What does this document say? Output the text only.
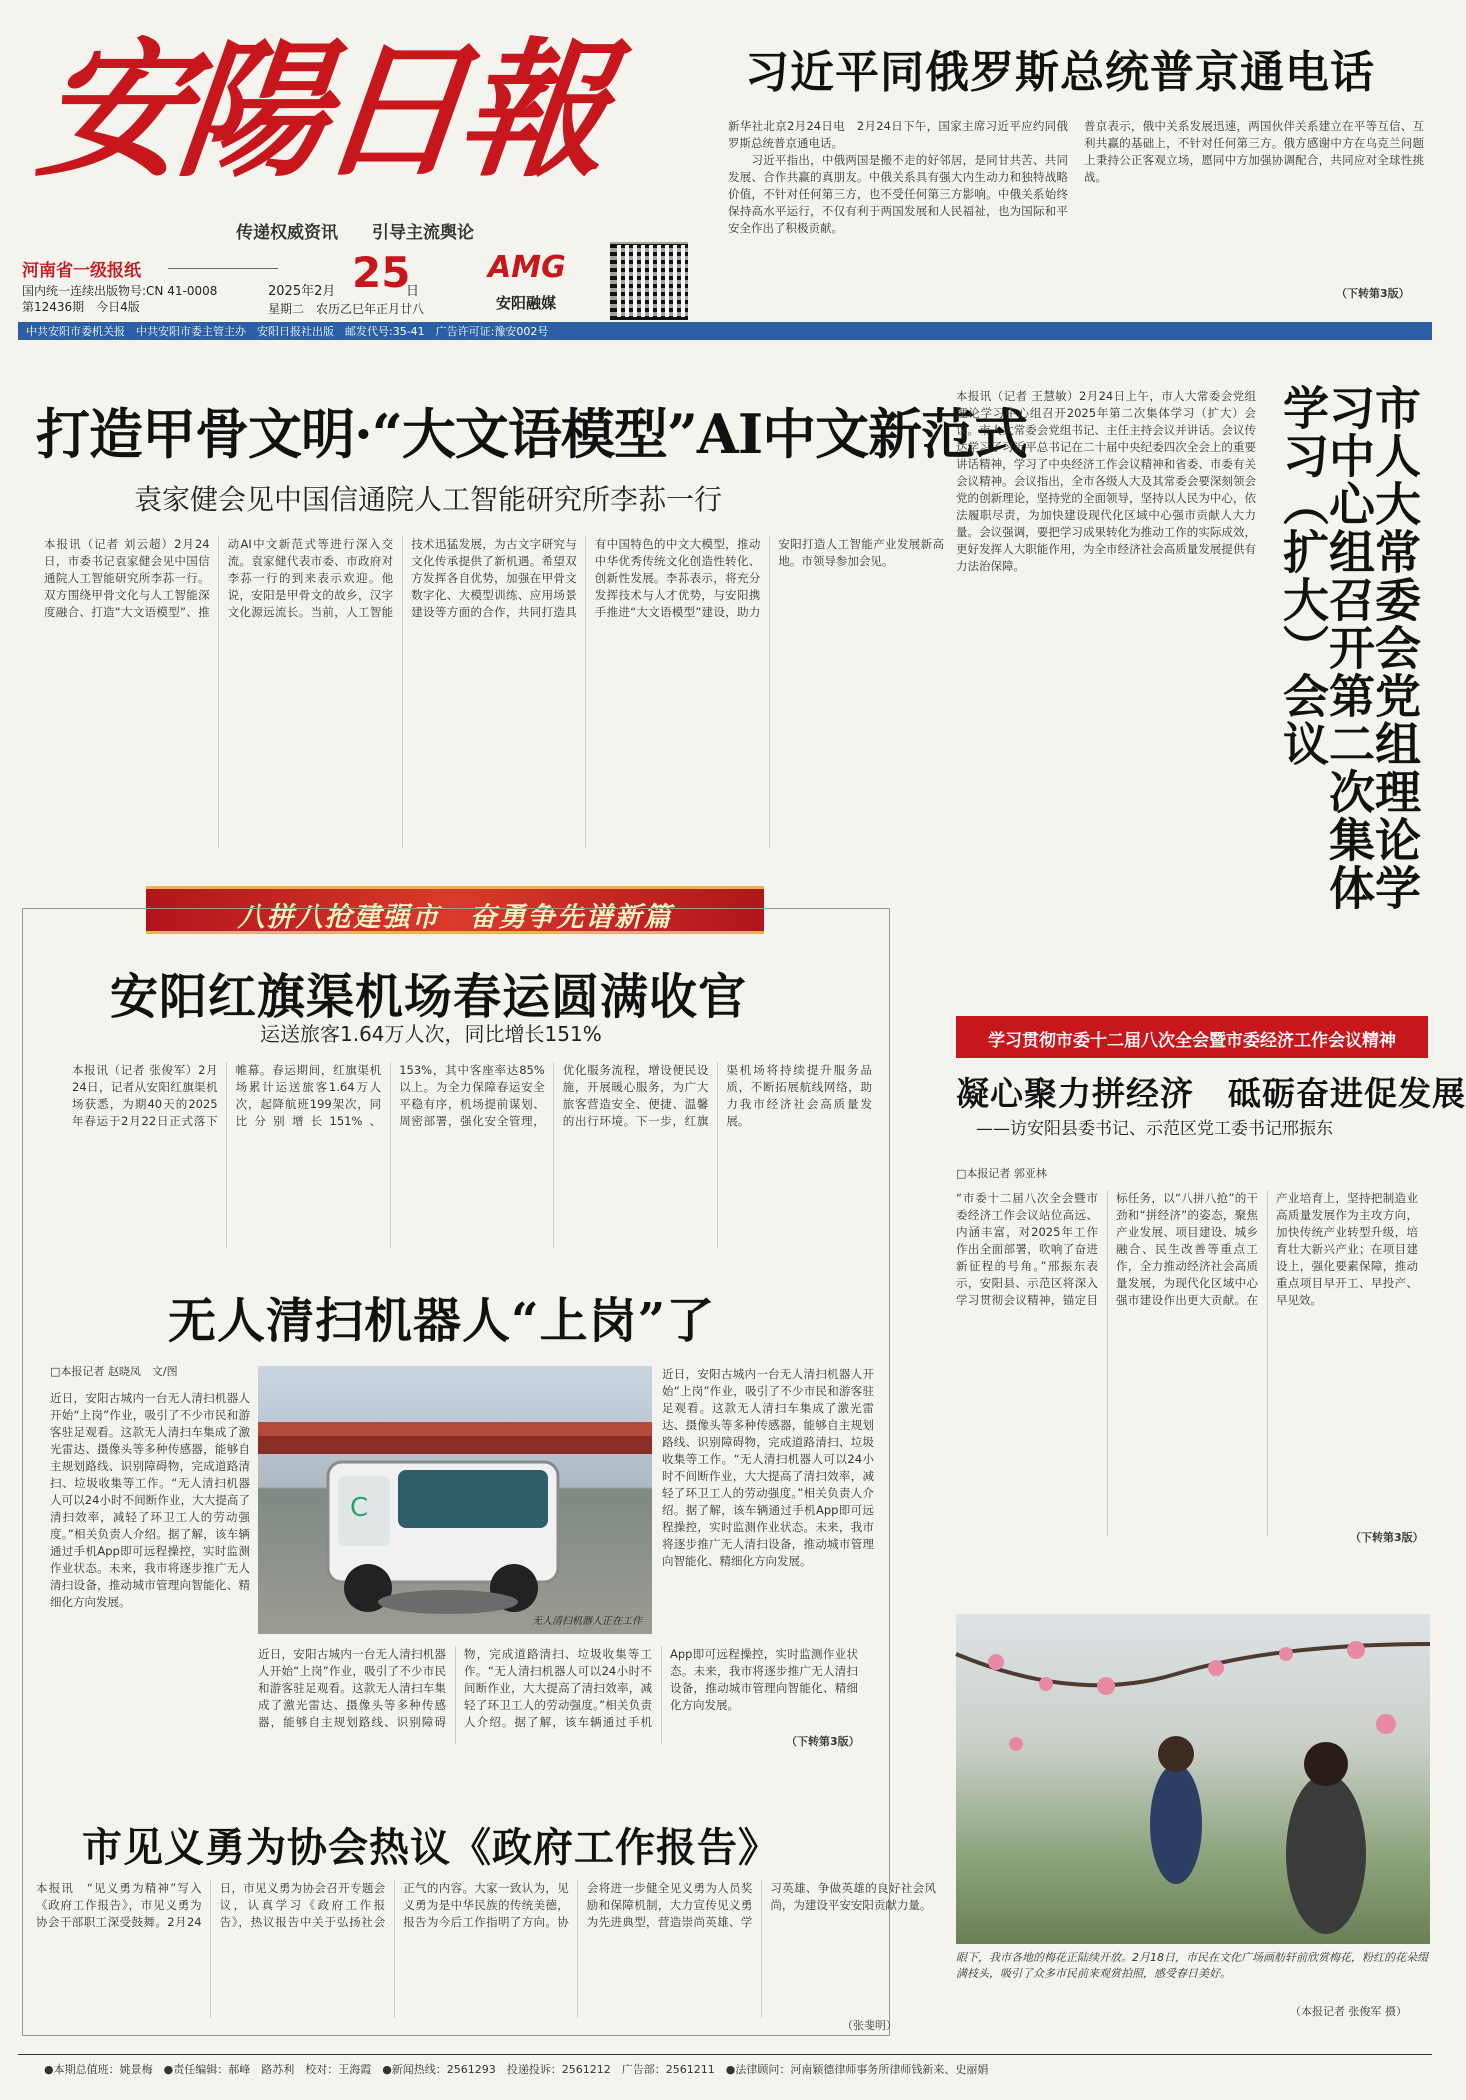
安陽日報
传递权威资讯　　引导主流舆论
河南省一级报纸
国内统一连续出版物号:CN 41-0008
第12436期　今日4版
2025年2月 25
日
星期二　农历乙巳年正月廿八
AMG
安阳融媒
中共安阳市委机关报　中共安阳市委主管主办　安阳日报社出版　邮发代号:35-41　广告许可证:豫安002号
习近平同俄罗斯总统普京通电话
新华社北京2月24日电　2月24日下午，国家主席习近平应约同俄罗斯总统普京通电话。
　　习近平指出，中俄两国是搬不走的好邻居，是同甘共苦、共同发展、合作共赢的真朋友。中俄关系具有强大内生动力和独特战略价值，不针对任何第三方，也不受任何第三方影响。中俄关系始终保持高水平运行，不仅有利于两国发展和人民福祉，也为国际和平安全作出了积极贡献。
普京表示，俄中关系发展迅速，两国伙伴关系建立在平等互信、互利共赢的基础上，不针对任何第三方。俄方感谢中方在乌克兰问题上秉持公正客观立场，愿同中方加强协调配合，共同应对全球性挑战。
（下转第3版）
打造甲骨文明·“大文语模型”AI中文新范式
袁家健会见中国信通院人工智能研究所李荪一行
本报讯（记者 刘云超）2月24日，市委书记袁家健会见中国信通院人工智能研究所李荪一行。双方围绕甲骨文化与人工智能深度融合、打造“大文语模型”、推动AI中文新范式等进行深入交流。袁家健代表市委、市政府对李荪一行的到来表示欢迎。他说，安阳是甲骨文的故乡，汉字文化源远流长。当前，人工智能技术迅猛发展，为古文字研究与文化传承提供了新机遇。希望双方发挥各自优势，加强在甲骨文数字化、大模型训练、应用场景建设等方面的合作，共同打造具有中国特色的中文大模型，推动中华优秀传统文化创造性转化、创新性发展。李荪表示，将充分发挥技术与人才优势，与安阳携手推进“大文语模型”建设，助力安阳打造人工智能产业发展新高地。市领导参加会见。
本报讯（记者 王慧敏）2月24日上午，市人大常委会党组理论学习中心组召开2025年第二次集体学习（扩大）会议。市人大常委会党组书记、主任主持会议并讲话。会议传达学习了习近平总书记在二十届中央纪委四次全会上的重要讲话精神，学习了中央经济工作会议精神和省委、市委有关会议精神。会议指出，全市各级人大及其常委会要深刻领会党的创新理论，坚持党的全面领导，坚持以人民为中心，依法履职尽责，为加快建设现代化区域中心强市贡献人大力量。会议强调，要把学习成果转化为推动工作的实际成效，更好发挥人大职能作用，为全市经济社会高质量发展提供有力法治保障。	市人大常委会党组理论学习中心组召开第二次集体学习（扩大）会议
八拼八抢建强市　奋勇争先谱新篇
安阳红旗渠机场春运圆满收官
运送旅客1.64万人次，同比增长151%
本报讯（记者 张俊军）2月24日，记者从安阳红旗渠机场获悉，为期40天的2025年春运于2月22日正式落下帷幕。春运期间，红旗渠机场累计运送旅客1.64万人次，起降航班199架次，同比分别增长151%、153%，其中客座率达85%以上。为全力保障春运安全平稳有序，机场提前谋划、周密部署，强化安全管理，优化服务流程，增设便民设施，开展暖心服务，为广大旅客营造安全、便捷、温馨的出行环境。下一步，红旗渠机场将持续提升服务品质，不断拓展航线网络，助力我市经济社会高质量发展。
无人清扫机器人“上岗”了
□本报记者 赵晓凤　文/图
近日，安阳古城内一台无人清扫机器人开始“上岗”作业，吸引了不少市民和游客驻足观看。这款无人清扫车集成了激光雷达、摄像头等多种传感器，能够自主规划路线、识别障碍物，完成道路清扫、垃圾收集等工作。“无人清扫机器人可以24小时不间断作业，大大提高了清扫效率，减轻了环卫工人的劳动强度。”相关负责人介绍。据了解，该车辆通过手机App即可远程操控，实时监测作业状态。未来，我市将逐步推广无人清扫设备，推动城市管理向智能化、精细化方向发展。
C
无人清扫机器人正在工作
近日，安阳古城内一台无人清扫机器人开始“上岗”作业，吸引了不少市民和游客驻足观看。这款无人清扫车集成了激光雷达、摄像头等多种传感器，能够自主规划路线、识别障碍物，完成道路清扫、垃圾收集等工作。“无人清扫机器人可以24小时不间断作业，大大提高了清扫效率，减轻了环卫工人的劳动强度。”相关负责人介绍。据了解，该车辆通过手机App即可远程操控，实时监测作业状态。未来，我市将逐步推广无人清扫设备，推动城市管理向智能化、精细化方向发展。
近日，安阳古城内一台无人清扫机器人开始“上岗”作业，吸引了不少市民和游客驻足观看。这款无人清扫车集成了激光雷达、摄像头等多种传感器，能够自主规划路线、识别障碍物，完成道路清扫、垃圾收集等工作。“无人清扫机器人可以24小时不间断作业，大大提高了清扫效率，减轻了环卫工人的劳动强度。”相关负责人介绍。据了解，该车辆通过手机App即可远程操控，实时监测作业状态。未来，我市将逐步推广无人清扫设备，推动城市管理向智能化、精细化方向发展。
（下转第3版）
学习贯彻市委十二届八次全会暨市委经济工作会议精神
凝心聚力拼经济　砥砺奋进促发展
——访安阳县委书记、示范区党工委书记邢振东
□本报记者 郭亚林
“市委十二届八次全会暨市委经济工作会议站位高远、内涵丰富，对2025年工作作出全面部署，吹响了奋进新征程的号角。”邢振东表示，安阳县、示范区将深入学习贯彻会议精神，锚定目标任务，以“八拼八抢”的干劲和“拼经济”的姿态，聚焦产业发展、项目建设、城乡融合、民生改善等重点工作，全力推动经济社会高质量发展，为现代化区域中心强市建设作出更大贡献。在产业培育上，坚持把制造业高质量发展作为主攻方向，加快传统产业转型升级，培育壮大新兴产业；在项目建设上，强化要素保障，推动重点项目早开工、早投产、早见效。
（下转第3版）
眼下，我市各地的梅花正陆续开放。2月18日，市民在文化广场画舫轩前欣赏梅花，粉红的花朵缀满枝头，吸引了众多市民前来观赏拍照，感受春日美好。
（本报记者 张俊军 摄）
市见义勇为协会热议《政府工作报告》
本报讯　“见义勇为精神”写入《政府工作报告》，市见义勇为协会干部职工深受鼓舞。2月24日，市见义勇为协会召开专题会议，认真学习《政府工作报告》，热议报告中关于弘扬社会正气的内容。大家一致认为，见义勇为是中华民族的传统美德，报告为今后工作指明了方向。协会将进一步健全见义勇为人员奖励和保障机制，大力宣传见义勇为先进典型，营造崇尚英雄、学习英雄、争做英雄的良好社会风尚，为建设平安安阳贡献力量。
（张斐明）
●本期总值班：姚景梅　●责任编辑：郝峰　路苏利　校对：王海霞　●新闻热线：2561293　投递投诉：2561212　广告部：2561211　●法律顾问：河南颖德律师事务所律师钱新来、史丽娟
